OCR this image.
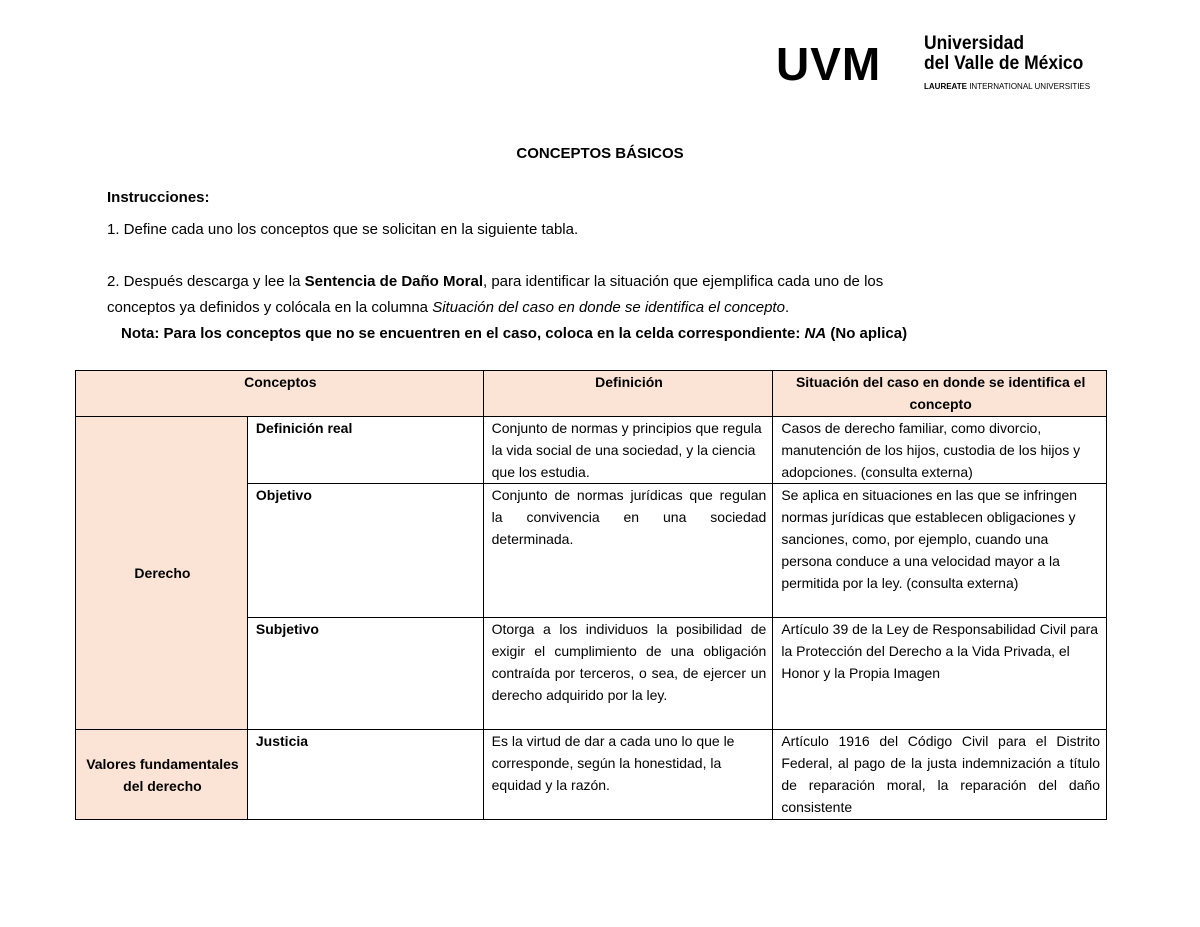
UVM Universidad
del Valle de México
LAUREATE INTERNATIONAL UNIVERSITIES
CONCEPTOS BÁSICOS
Instrucciones:
1. Define cada uno los conceptos que se solicitan en la siguiente tabla.
2. Después descarga y lee la Sentencia de Daño Moral, para identificar la situación que ejemplifica cada uno de los
conceptos ya definidos y colócala en la columna Situación del caso en donde se identifica el concepto.
Nota: Para los conceptos que no se encuentren en el caso, coloca en la celda correspondiente: NA (No aplica)
Conceptos		Definición	Situación del caso en donde se identifica el concepto
Derecho	Definición real	Conjunto de normas y principios que regula la vida social de una sociedad, y la ciencia que los estudia.	Casos de derecho familiar, como divorcio, manutención de los hijos, custodia de los hijos y adopciones. (consulta externa)
	Objetivo	Conjunto de normas jurídicas que regulan la convivencia en una sociedad determinada.	Se aplica en situaciones en las que se infringen normas jurídicas que establecen obligaciones y sanciones, como, por ejemplo, cuando una persona conduce a una velocidad mayor a la permitida por la ley. (consulta externa)
	Subjetivo	Otorga a los individuos la posibilidad de exigir el cumplimiento de una obligación contraída por terceros, o sea, de ejercer un derecho adquirido por la ley.	Artículo 39 de la Ley de Responsabilidad Civil para la Protección del Derecho a la Vida Privada, el Honor y la Propia Imagen
Valores fundamentales del derecho	Justicia	Es la virtud de dar a cada uno lo que le corresponde, según la honestidad, la equidad y la razón.	Artículo 1916 del Código Civil para el Distrito Federal, al pago de la justa indemnización a título de reparación moral, la reparación del daño consistente
